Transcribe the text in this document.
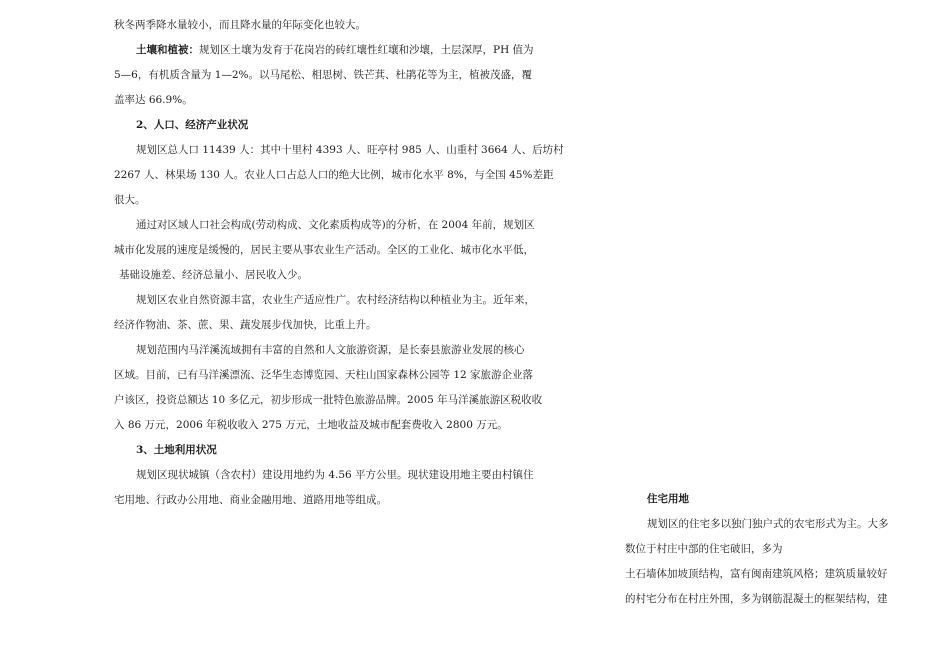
秋冬两季降水量较小，而且降水量的年际变化也较大。
土壤和植被：规划区土壤为发育于花岗岩的砖红壤性红壤和沙壤，土层深厚，PH 值为
5—6，有机质含量为 1—2%。以马尾松、相思树、铁芒萁、杜鹃花等为主，植被茂盛，覆
盖率达 66.9%。
2、人口、经济产业状况
规划区总人口 11439 人：其中十里村 4393 人、旺亭村 985 人、山重村 3664 人、后坊村
2267 人、林果场 130 人。农业人口占总人口的绝大比例，城市化水平 8%，与全国 45%差距
很大。
通过对区域人口社会构成(劳动构成、文化素质构成等)的分析，在 2004 年前，规划区
城市化发展的速度是缓慢的，居民主要从事农业生产活动。全区的工业化、城市化水平低，
基础设施差、经济总量小、居民收入少。
规划区农业自然资源丰富，农业生产适应性广。农村经济结构以种植业为主。近年来，
经济作物油、茶、蔗、果、蔬发展步伐加快，比重上升。
规划范围内马洋溪流域拥有丰富的自然和人文旅游资源，是长泰县旅游业发展的核心
区域。目前，已有马洋溪漂流、泛华生态博览园、天柱山国家森林公园等 12 家旅游企业落
户该区，投资总额达 10 多亿元，初步形成一批特色旅游品牌。2005 年马洋溪旅游区税收收
入 86 万元，2006 年税收收入 275 万元，土地收益及城市配套费收入 2800 万元。
3、土地利用状况
规划区现状城镇（含农村）建设用地约为 4.56 平方公里。现状建设用地主要由村镇住
宅用地、行政办公用地、商业金融用地、道路用地等组成。	住宅用地
规划区的住宅多以独门独户式的农宅形式为主。大多
数位于村庄中部的住宅破旧，多为
土石墙体加坡顶结构，富有闽南建筑风格；建筑质量较好
的村宅分布在村庄外围，多为钢筋混凝土的框架结构，建
